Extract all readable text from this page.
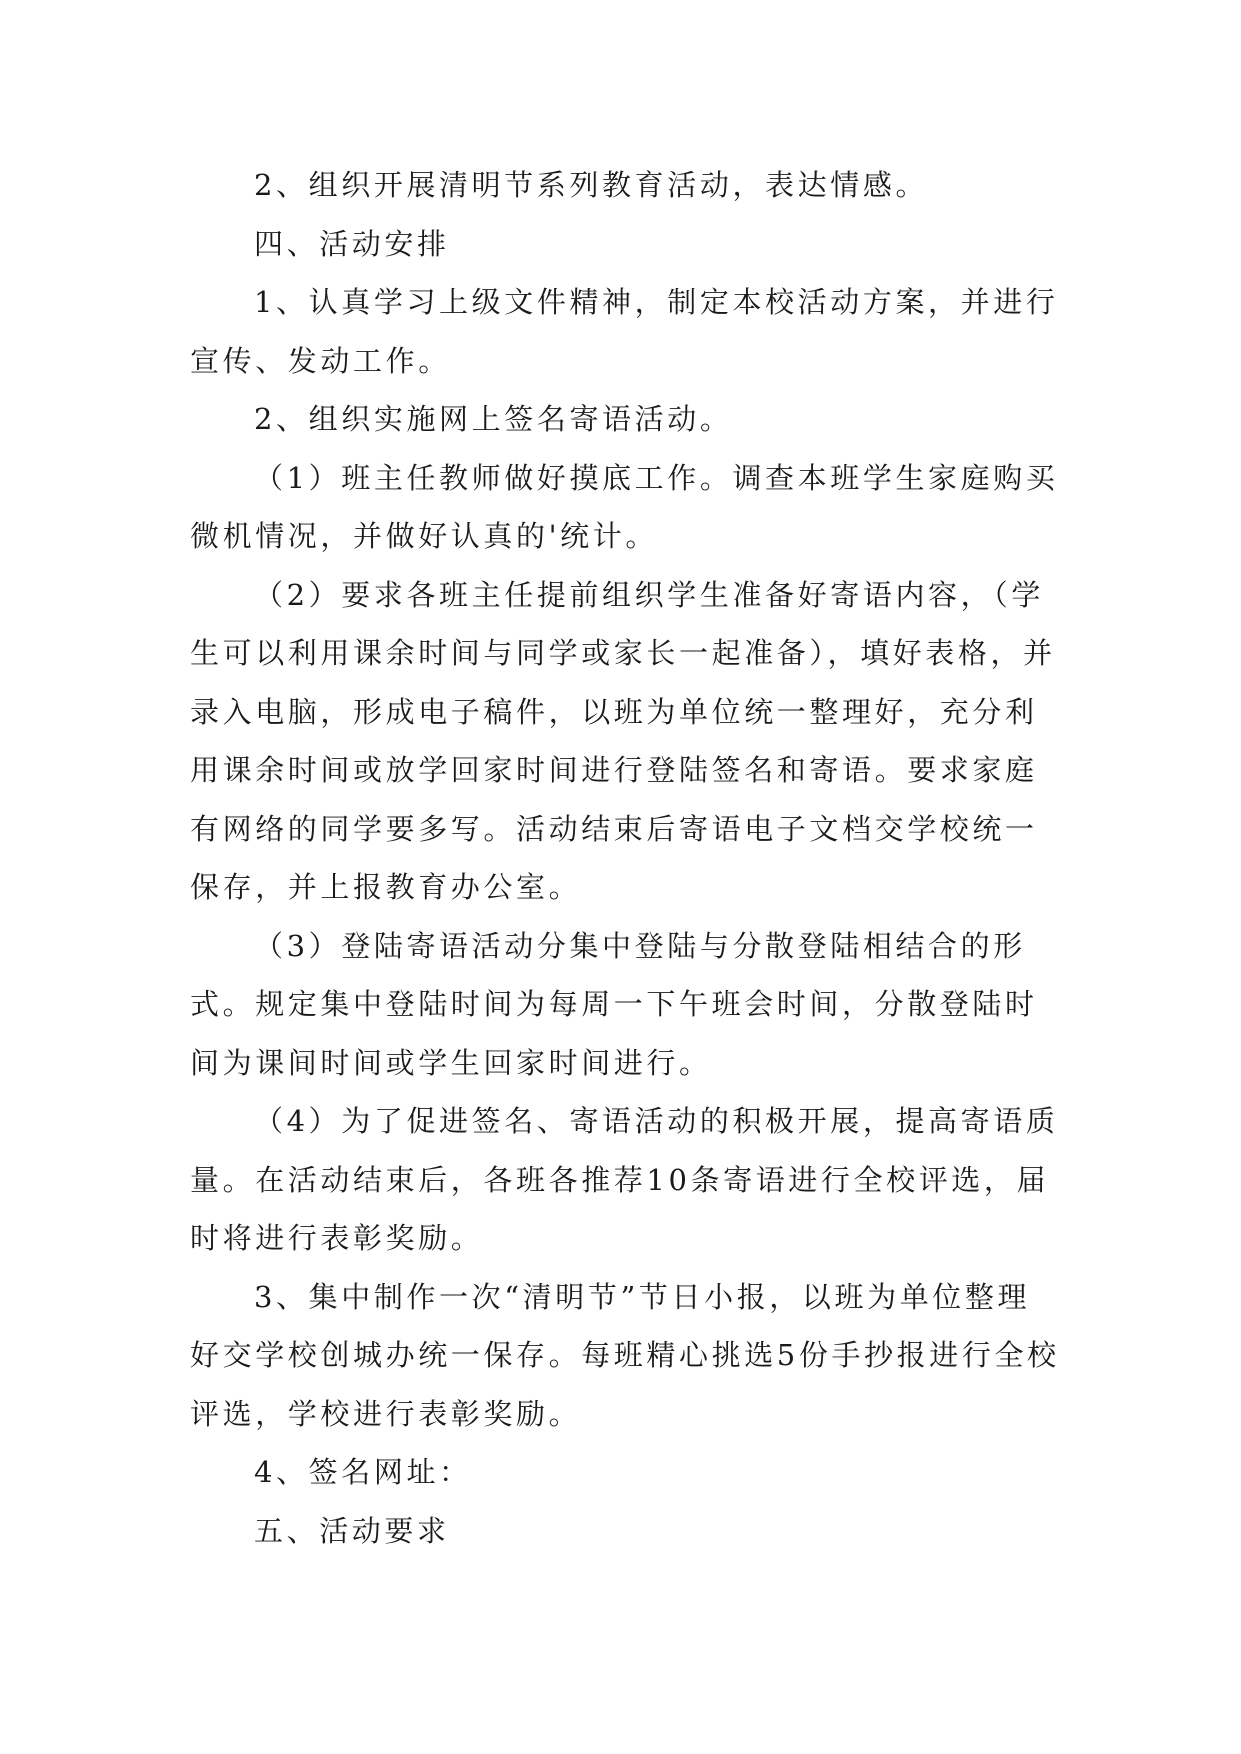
2、组织开展清明节系列教育活动，表达情感。

四、活动安排

1、认真学习上级文件精神，制定本校活动方案，并进行宣传、发动工作。

2、组织实施网上签名寄语活动。

（1）班主任教师做好摸底工作。调查本班学生家庭购买微机情况，并做好认真的'统计。

（2）要求各班主任提前组织学生准备好寄语内容，（学生可以利用课余时间与同学或家长一起准备），填好表格，并录入电脑，形成电子稿件，以班为单位统一整理好，充分利用课余时间或放学回家时间进行登陆签名和寄语。要求家庭有网络的同学要多写。活动结束后寄语电子文档交学校统一保存，并上报教育办公室。

（3）登陆寄语活动分集中登陆与分散登陆相结合的形式。规定集中登陆时间为每周一下午班会时间，分散登陆时间为课间时间或学生回家时间进行。

（4）为了促进签名、寄语活动的积极开展，提高寄语质量。在活动结束后，各班各推荐10条寄语进行全校评选，届时将进行表彰奖励。

3、集中制作一次“清明节”节日小报，以班为单位整理好交学校创城办统一保存。每班精心挑选5份手抄报进行全校评选，学校进行表彰奖励。

4、签名网址：

五、活动要求
